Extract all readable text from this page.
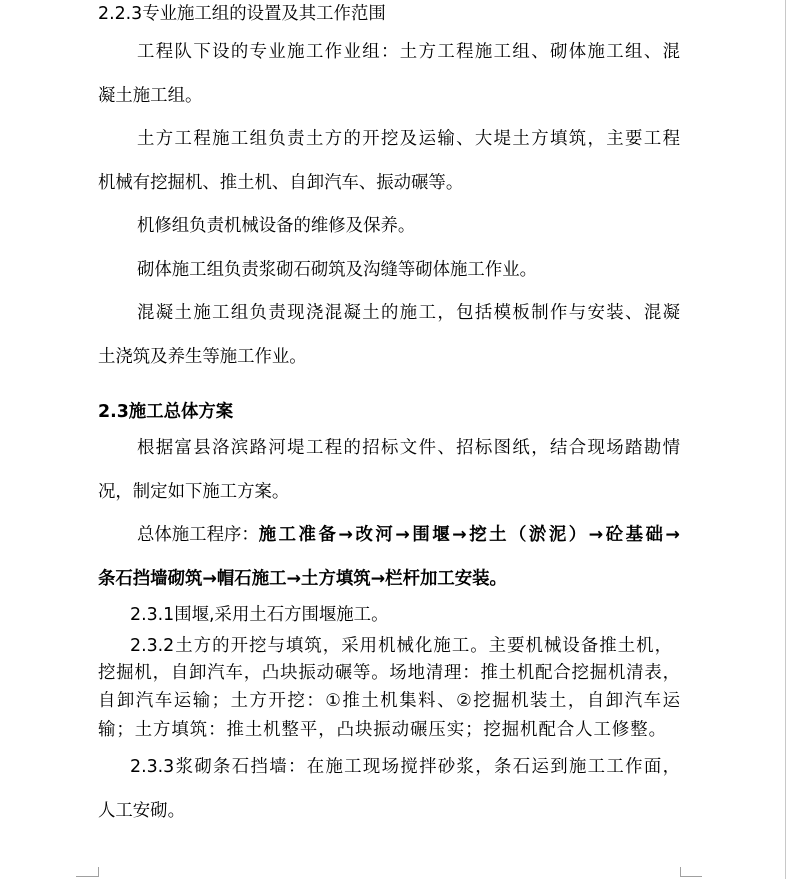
2.2.3专业施工组的设置及其工作范围
工程队下设的专业施工作业组：土方工程施工组、砌体施工组、混
凝土施工组。
土方工程施工组负责土方的开挖及运输、大堤土方填筑，主要工程
机械有挖掘机、推土机、自卸汽车、振动碾等。
机修组负责机械设备的维修及保养。
砌体施工组负责浆砌石砌筑及沟缝等砌体施工作业。
混凝土施工组负责现浇混凝土的施工，包括模板制作与安装、混凝
土浇筑及养生等施工作业。
2.3施工总体方案
根据富县洛滨路河堤工程的招标文件、招标图纸，结合现场踏勘情
况，制定如下施工方案。
总体施工程序： 施工准备→改河→围堰→挖土（淤泥）→砼基础→
条石挡墙砌筑→帽石施工→土方填筑→栏杆加工安装。
2.3.1围堰,采用土石方围堰施工。
2.3.2土方的开挖与填筑，采用机械化施工。主要机械设备推土机，
挖掘机，自卸汽车，凸块振动碾等。场地清理：推土机配合挖掘机清表，
自卸汽车运输；土方开挖：①推土机集料、②挖掘机装土，自卸汽车运
输；土方填筑：推土机整平，凸块振动碾压实；挖掘机配合人工修整。
2.3.3浆砌条石挡墙：在施工现场搅拌砂浆，条石运到施工工作面，
人工安砌。
